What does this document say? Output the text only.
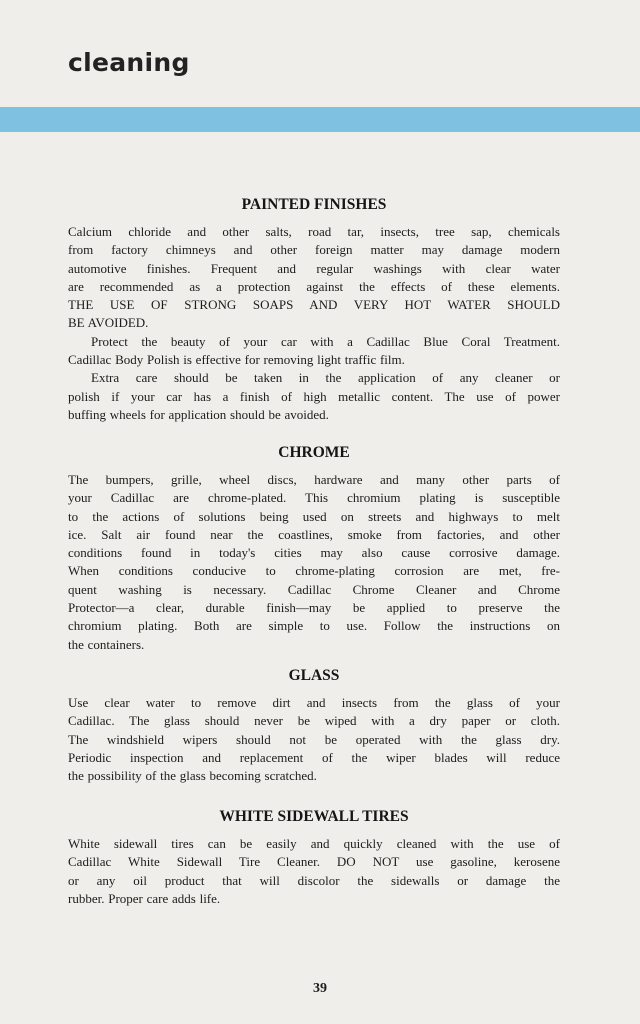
cleaning
PAINTED FINISHES
Calcium chloride and other salts, road tar, insects, tree sap, chemicals
from factory chimneys and other foreign matter may damage modern
automotive finishes. Frequent and regular washings with clear water
are recommended as a protection against the effects of these elements.
THE USE OF STRONG SOAPS AND VERY HOT WATER SHOULD
BE AVOIDED.
Protect the beauty of your car with a Cadillac Blue Coral Treatment.
Cadillac Body Polish is effective for removing light traffic film.
Extra care should be taken in the application of any cleaner or
polish if your car has a finish of high metallic content. The use of power
buffing wheels for application should be avoided.
CHROME
The bumpers, grille, wheel discs, hardware and many other parts of
your Cadillac are chrome-plated. This chromium plating is susceptible
to the actions of solutions being used on streets and highways to melt
ice. Salt air found near the coastlines, smoke from factories, and other
conditions found in today's cities may also cause corrosive damage.
When conditions conducive to chrome-plating corrosion are met, fre-
quent washing is necessary. Cadillac Chrome Cleaner and Chrome
Protector—a clear, durable finish—may be applied to preserve the
chromium plating. Both are simple to use. Follow the instructions on
the containers.
GLASS
Use clear water to remove dirt and insects from the glass of your
Cadillac. The glass should never be wiped with a dry paper or cloth.
The windshield wipers should not be operated with the glass dry.
Periodic inspection and replacement of the wiper blades will reduce
the possibility of the glass becoming scratched.
WHITE SIDEWALL TIRES
White sidewall tires can be easily and quickly cleaned with the use of
Cadillac White Sidewall Tire Cleaner. DO NOT use gasoline, kerosene
or any oil product that will discolor the sidewalls or damage the
rubber. Proper care adds life.
39
